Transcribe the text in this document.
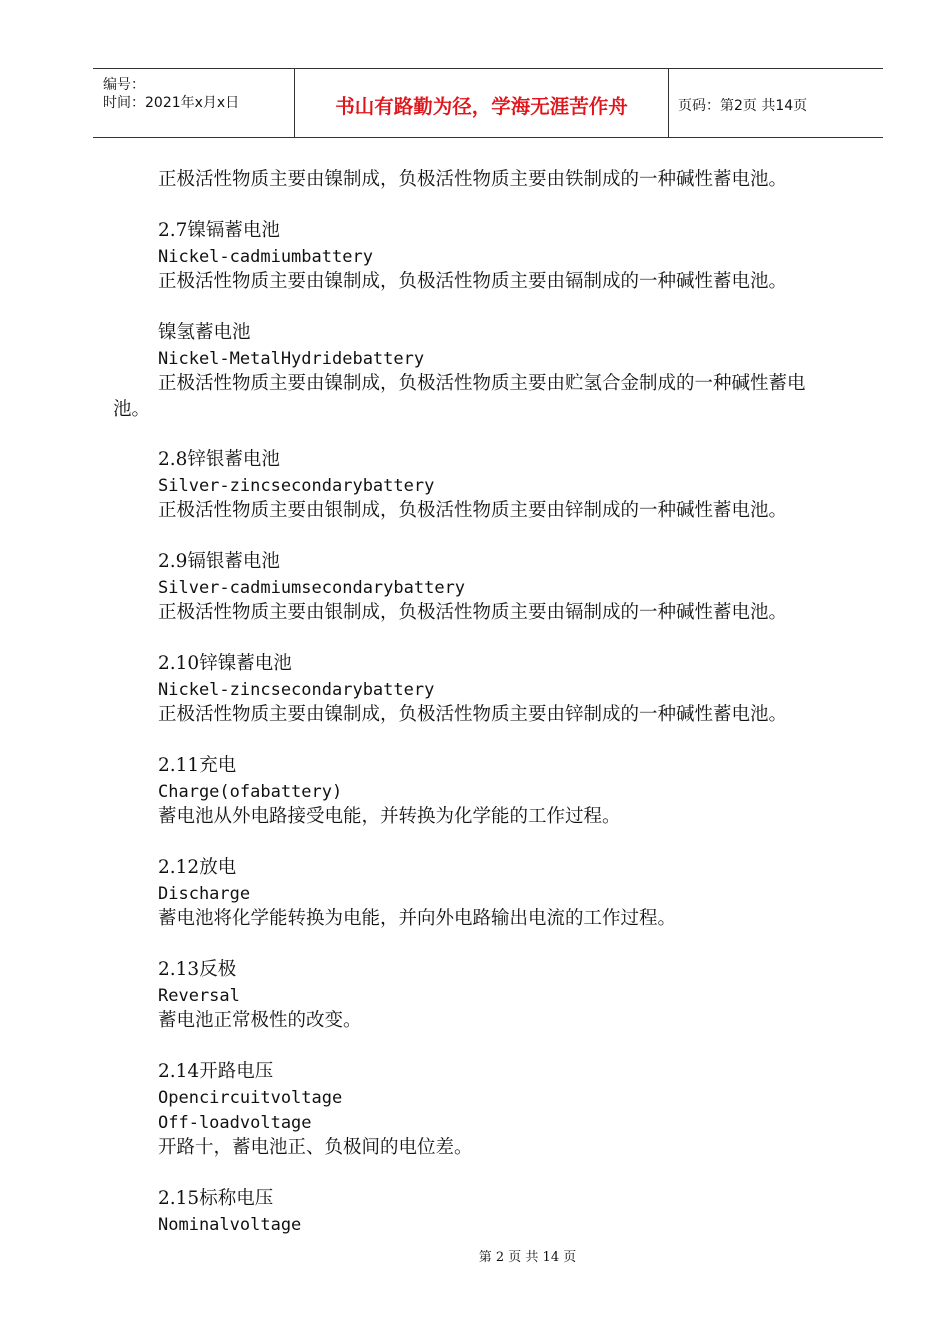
编号：
时间：2021年x月x日	书山有路勤为径，学海无涯苦作舟	页码：第2页 共14页
正极活性物质主要由镍制成，负极活性物质主要由铁制成的一种碱性蓄电池。
2.7镍镉蓄电池
Nickel-cadmiumbattery
正极活性物质主要由镍制成，负极活性物质主要由镉制成的一种碱性蓄电池。
镍氢蓄电池
Nickel-MetalHydridebattery
正极活性物质主要由镍制成，负极活性物质主要由贮氢合金制成的一种碱性蓄电
池。
2.8锌银蓄电池
Silver-zincsecondarybattery
正极活性物质主要由银制成，负极活性物质主要由锌制成的一种碱性蓄电池。
2.9镉银蓄电池
Silver-cadmiumsecondarybattery
正极活性物质主要由银制成，负极活性物质主要由镉制成的一种碱性蓄电池。
2.10锌镍蓄电池
Nickel-zincsecondarybattery
正极活性物质主要由镍制成，负极活性物质主要由锌制成的一种碱性蓄电池。
2.11充电
Charge(ofabattery)
蓄电池从外电路接受电能，并转换为化学能的工作过程。
2.12放电
Discharge
蓄电池将化学能转换为电能，并向外电路输出电流的工作过程。
2.13反极
Reversal
蓄电池正常极性的改变。
2.14开路电压
Opencircuitvoltage
Off-loadvoltage
开路十，蓄电池正、负极间的电位差。
2.15标称电压
Nominalvoltage
第 2 页 共 14 页
